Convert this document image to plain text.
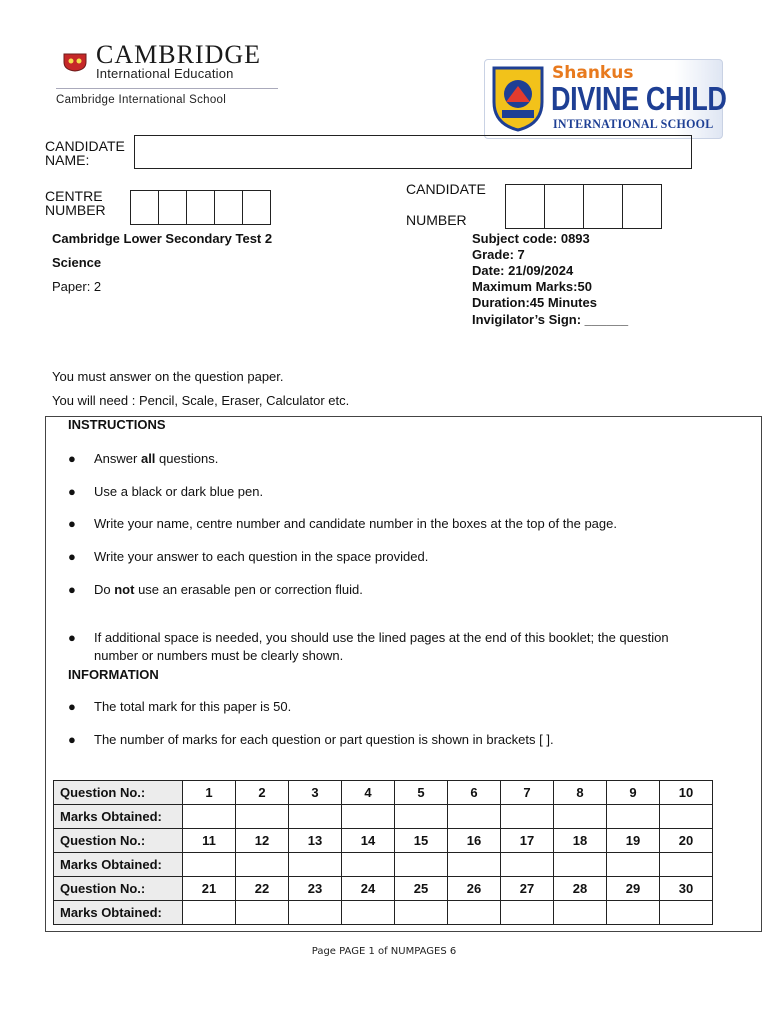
CAMBRIDGE
International Education
Cambridge International School
Shankus
DIVINE CHILD
INTERNATIONAL SCHOOL
CANDIDATE
NAME:
CENTRE
NUMBER
CANDIDATE
NUMBER
Cambridge Lower Secondary Test 2
Science
Paper: 2
Subject code: 0893
Grade: 7
Date: 21/09/2024
Maximum Marks:50
Duration:45 Minutes
Invigilator’s Sign: ______
You must answer on the question paper.
You will need : Pencil, Scale, Eraser, Calculator etc.
INSTRUCTIONS
● Answer all questions.
● Use a black or dark blue pen.
● Write your name, centre number and candidate number in the boxes at the top of the page.
● Write your answer to each question in the space provided.
● Do not use an erasable pen or correction fluid.
● If additional space is needed, you should use the lined pages at the end of this booklet; the question number or numbers must be clearly shown.
INFORMATION
● The total mark for this paper is 50.
● The number of marks for each question or part question is shown in brackets [ ].
Question No.:	1	2	3	4	5	6	7	8	9	10
Marks Obtained:										
Question No.:	11	12	13	14	15	16	17	18	19	20
Marks Obtained:										
Question No.:	21	22	23	24	25	26	27	28	29	30
Marks Obtained:										
Page PAGE 1 of NUMPAGES 6
